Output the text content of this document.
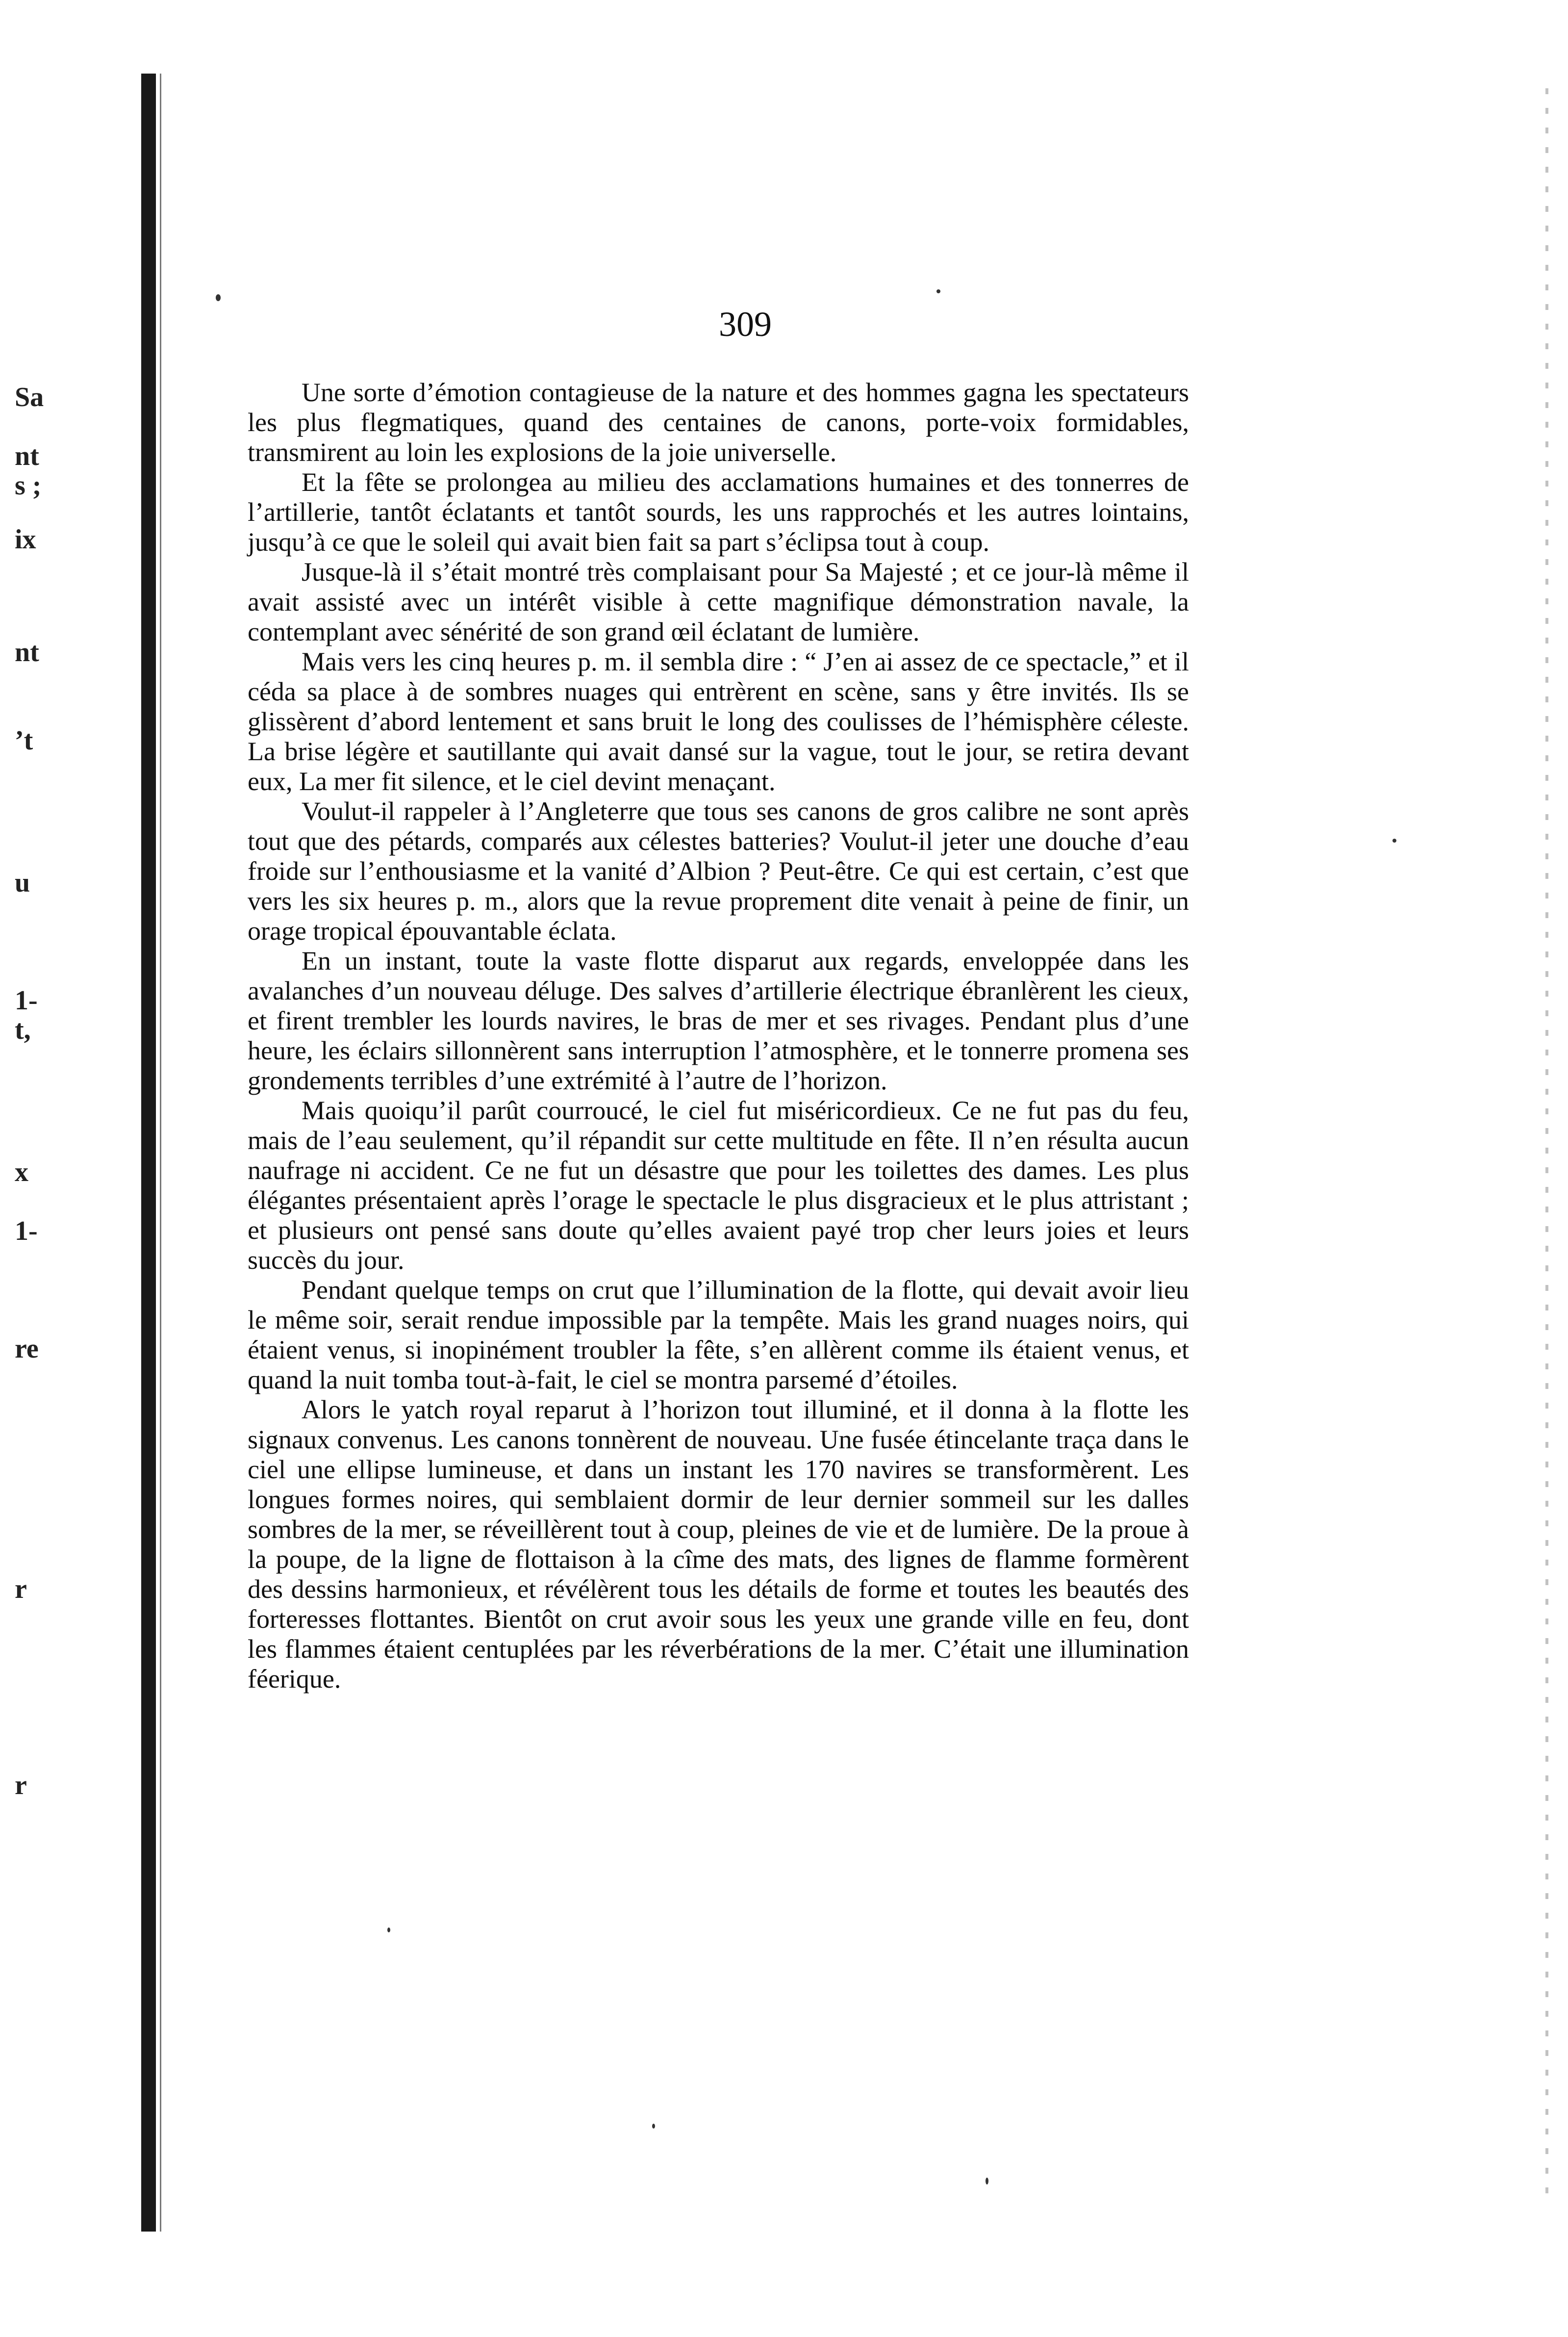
309
Sa
nt
s ;
ix
nt
’t
u
1-
t,
x
1-
re
r
r

Une sorte d’émotion contagieuse de la nature et des hommes gagna les spectateurs les plus flegmatiques, quand des centaines de canons, porte-voix formidables, transmirent au loin les explosions de la joie universelle.

Et la fête se prolongea au milieu des acclamations humaines et des tonnerres de l’artillerie, tantôt éclatants et tantôt sourds, les uns rapprochés et les autres lointains, jusqu’à ce que le soleil qui avait bien fait sa part s’éclipsa tout à coup.

Jusque-là il s’était montré très complaisant pour Sa Majesté ; et ce jour-là même il avait assisté avec un intérêt visible à cette magnifique démonstration navale, la contemplant avec sénérité de son grand œil éclatant de lumière.

Mais vers les cinq heures p. m. il sembla dire : “ J’en ai assez de ce spectacle,” et il céda sa place à de sombres nuages qui entrèrent en scène, sans y être invités. Ils se glissèrent d’abord lentement et sans bruit le long des coulisses de l’hémisphère céleste. La brise légère et sautillante qui avait dansé sur la vague, tout le jour, se retira devant eux, La mer fit silence, et le ciel devint menaçant.

Voulut-il rappeler à l’Angleterre que tous ses canons de gros calibre ne sont après tout que des pétards, comparés aux célestes batteries? Voulut-il jeter une douche d’eau froide sur l’enthousiasme et la vanité d’Albion ? Peut-être. Ce qui est certain, c’est que vers les six heures p. m., alors que la revue proprement dite venait à peine de finir, un orage tropical épouvantable éclata.

En un instant, toute la vaste flotte disparut aux regards, enveloppée dans les avalanches d’un nouveau déluge. Des salves d’artillerie électrique ébranlèrent les cieux, et firent trembler les lourds navires, le bras de mer et ses rivages. Pendant plus d’une heure, les éclairs sillonnèrent sans interruption l’atmosphère, et le tonnerre promena ses grondements terribles d’une extrémité à l’autre de l’horizon.

Mais quoiqu’il parût courroucé, le ciel fut miséricordieux. Ce ne fut pas du feu, mais de l’eau seulement, qu’il répandit sur cette multitude en fête. Il n’en résulta aucun naufrage ni accident. Ce ne fut un désastre que pour les toilettes des dames. Les plus élégantes présentaient après l’orage le spectacle le plus disgracieux et le plus attristant ; et plusieurs ont pensé sans doute qu’elles avaient payé trop cher leurs joies et leurs succès du jour.

Pendant quelque temps on crut que l’illumination de la flotte, qui devait avoir lieu le même soir, serait rendue impossible par la tempête. Mais les grand nuages noirs, qui étaient venus, si inopinément troubler la fête, s’en allèrent comme ils étaient venus, et quand la nuit tomba tout-à-fait, le ciel se montra parsemé d’étoiles.

Alors le yatch royal reparut à l’horizon tout illuminé, et il donna à la flotte les signaux convenus. Les canons tonnèrent de nouveau. Une fusée étincelante traça dans le ciel une ellipse lumineuse, et dans un instant les 170 navires se transformèrent. Les longues formes noires, qui semblaient dormir de leur dernier sommeil sur les dalles sombres de la mer, se réveillèrent tout à coup, pleines de vie et de lumière. De la proue à la poupe, de la ligne de flottaison à la cîme des mats, des lignes de flamme formèrent des dessins harmonieux, et révélèrent tous les détails de forme et toutes les beautés des forteresses flottantes. Bientôt on crut avoir sous les yeux une grande ville en feu, dont les flammes étaient centuplées par les réverbérations de la mer. C’était une illumination féerique.
